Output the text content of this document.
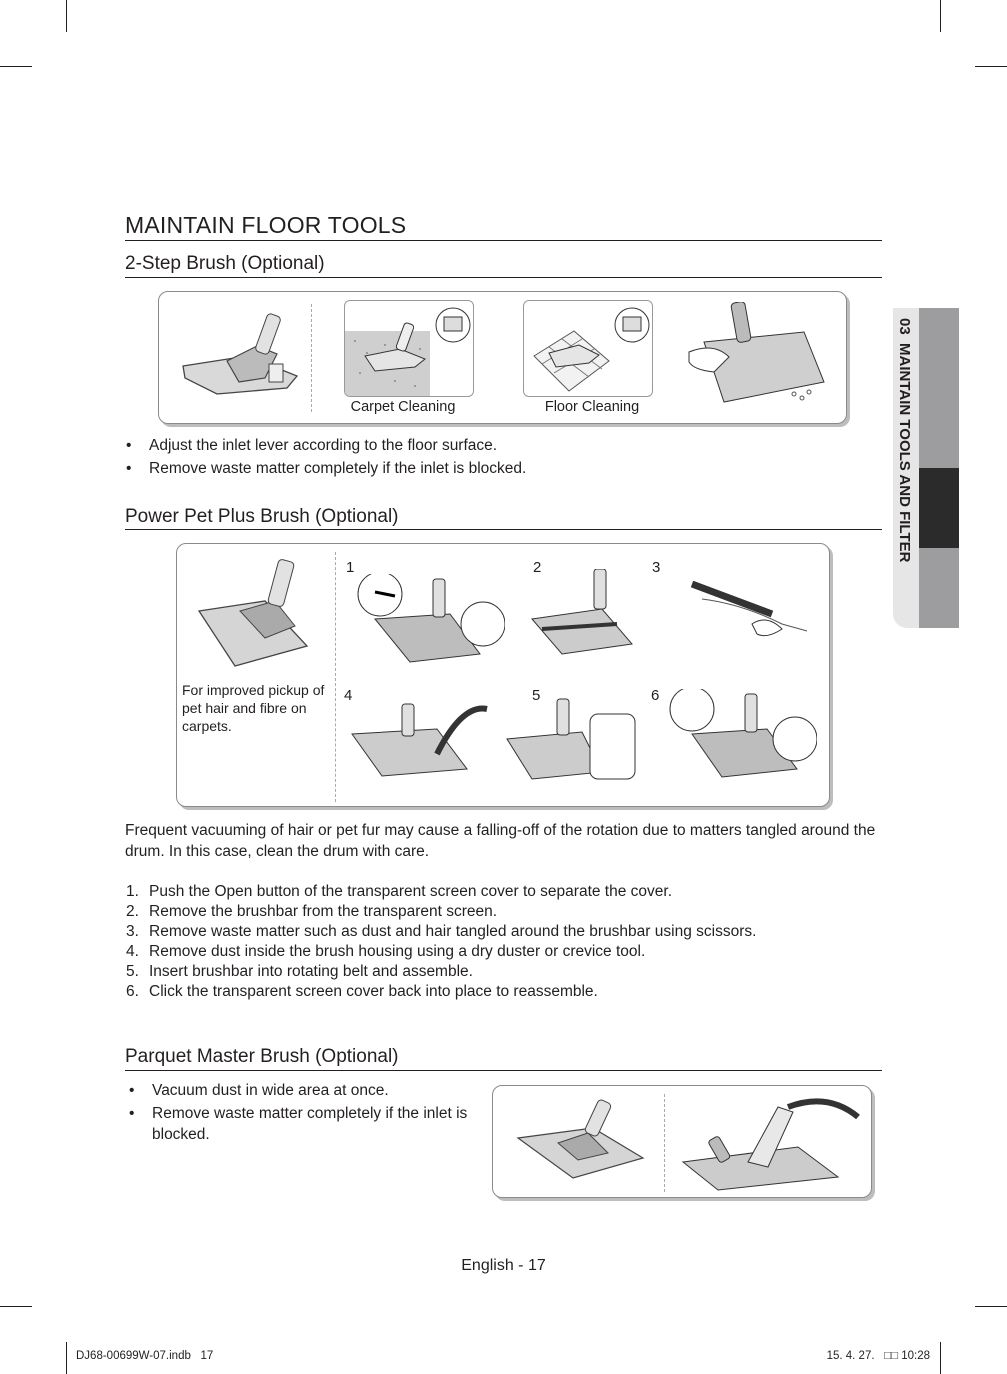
03  MAINTAIN TOOLS AND FILTER
MAINTAIN FLOOR TOOLS
2-Step Brush (Optional)
Carpet Cleaning	Floor Cleaning
• Adjust the inlet lever according to the floor surface.
• Remove waste matter completely if the inlet is blocked.
Power Pet Plus Brush (Optional)
For improved pickup of pet hair and fibre on carpets.
1	2	3
4	5	6
Frequent vacuuming of hair or pet fur may cause a falling-off of the rotation due to matters tangled around the drum. In this case, clean the drum with care.
1. Push the Open button of the transparent screen cover to separate the cover.
2. Remove the brushbar from the transparent screen.
3. Remove waste matter such as dust and hair tangled around the brushbar using scissors.
4. Remove dust inside the brush housing using a dry duster or crevice tool.
5. Insert brushbar into rotating belt and assemble.
6. Click the transparent screen cover back into place to reassemble.
Parquet Master Brush (Optional)
• Vacuum dust in wide area at once.
• Remove waste matter completely if the inlet is blocked.
English - 17
DJ68-00699W-07.indb   17	15. 4. 27.   □□ 10:28
